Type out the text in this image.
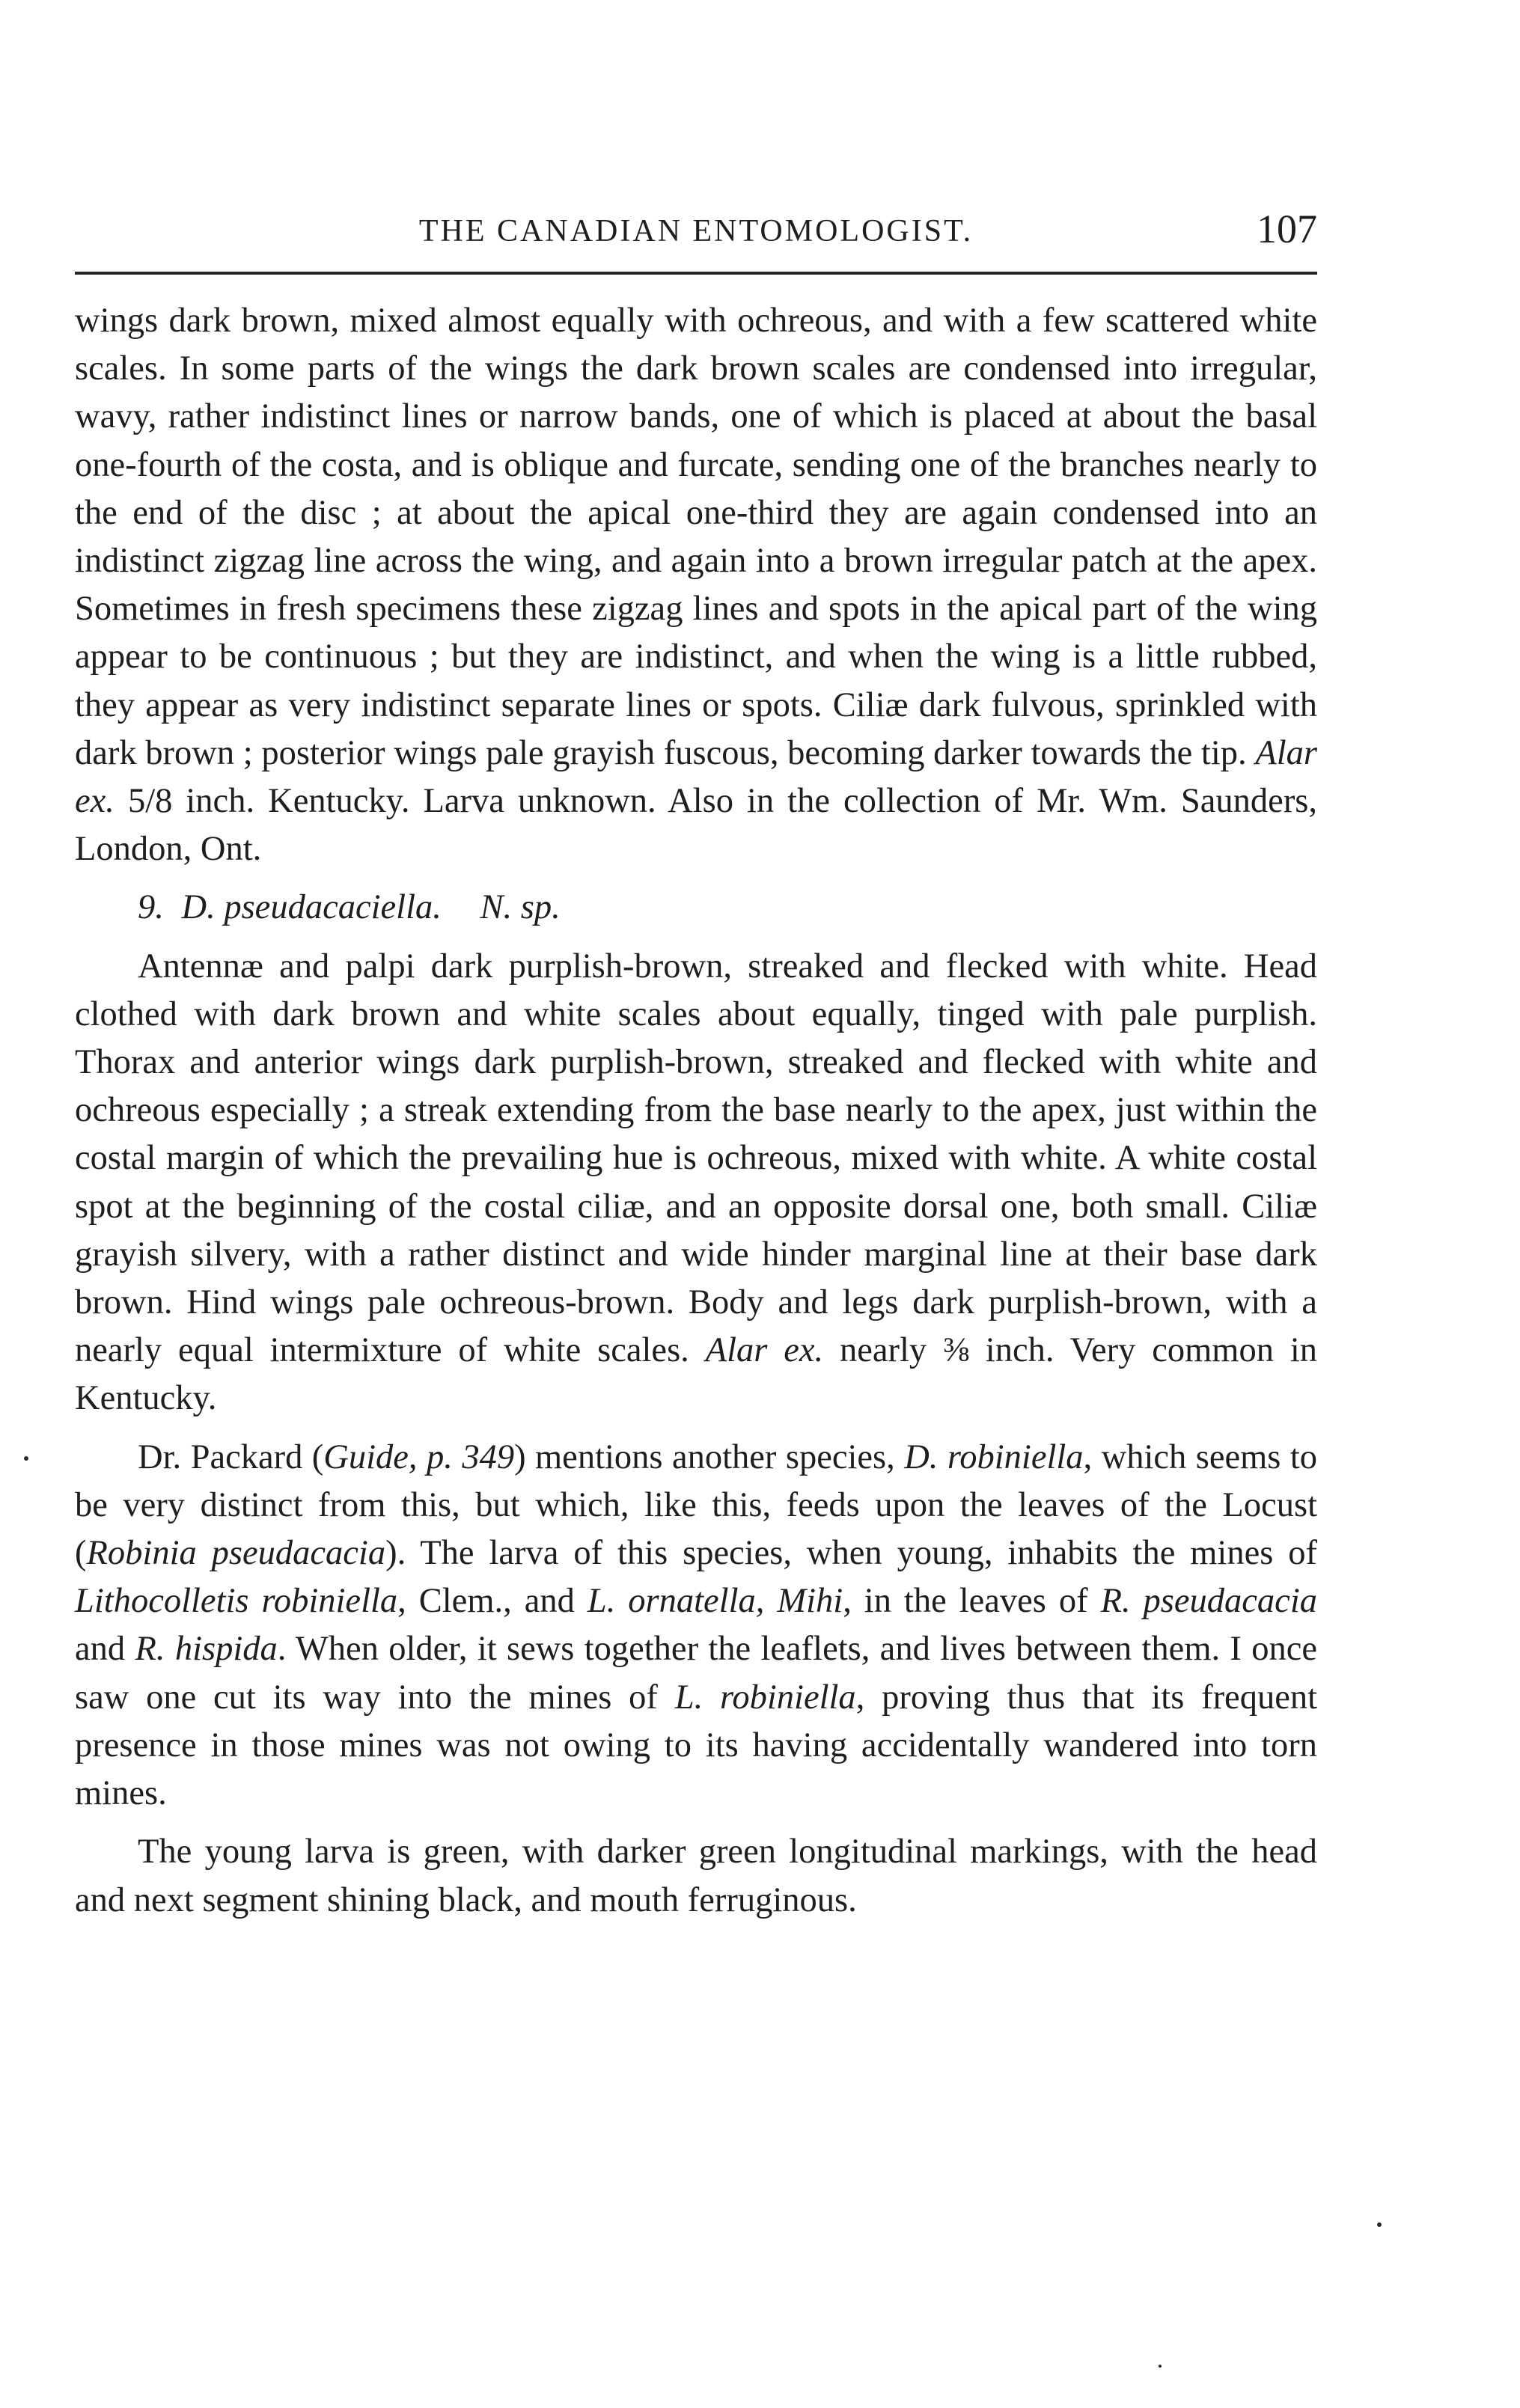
THE CANADIAN ENTOMOLOGIST.	107

wings dark brown, mixed almost equally with ochreous, and with a few scattered white scales. In some parts of the wings the dark brown scales are condensed into irregular, wavy, rather indistinct lines or narrow bands, one of which is placed at about the basal one-fourth of the costa, and is oblique and furcate, sending one of the branches nearly to the end of the disc ; at about the apical one-third they are again condensed into an indistinct zigzag line across the wing, and again into a brown irregular patch at the apex. Sometimes in fresh specimens these zigzag lines and spots in the apical part of the wing appear to be continuous ; but they are indistinct, and when the wing is a little rubbed, they appear as very indistinct separate lines or spots. Ciliæ dark fulvous, sprinkled with dark brown ; posterior wings pale grayish fuscous, becoming darker towards the tip. Alar ex. 5/8 inch. Kentucky. Larva unknown. Also in the collection of Mr. Wm. Saunders, London, Ont.

9. D. pseudacaciella. N. sp.

Antennæ and palpi dark purplish-brown, streaked and flecked with white. Head clothed with dark brown and white scales about equally, tinged with pale purplish. Thorax and anterior wings dark purplish-brown, streaked and flecked with white and ochreous especially ; a streak extending from the base nearly to the apex, just within the costal margin of which the prevailing hue is ochreous, mixed with white. A white costal spot at the beginning of the costal ciliæ, and an opposite dorsal one, both small. Ciliæ grayish silvery, with a rather distinct and wide hinder marginal line at their base dark brown. Hind wings pale ochreous-brown. Body and legs dark purplish-brown, with a nearly equal intermixture of white scales. Alar ex. nearly ⅜ inch. Very common in Kentucky.

Dr. Packard (Guide, p. 349) mentions another species, D. robiniella, which seems to be very distinct from this, but which, like this, feeds upon the leaves of the Locust (Robinia pseudacacia). The larva of this species, when young, inhabits the mines of Lithocolletis robiniella, Clem., and L. ornatella, Mihi, in the leaves of R. pseudacacia and R. hispida. When older, it sews together the leaflets, and lives between them. I once saw one cut its way into the mines of L. robiniella, proving thus that its frequent presence in those mines was not owing to its having accidentally wandered into torn mines.

The young larva is green, with darker green longitudinal markings, with the head and next segment shining black, and mouth ferruginous.
